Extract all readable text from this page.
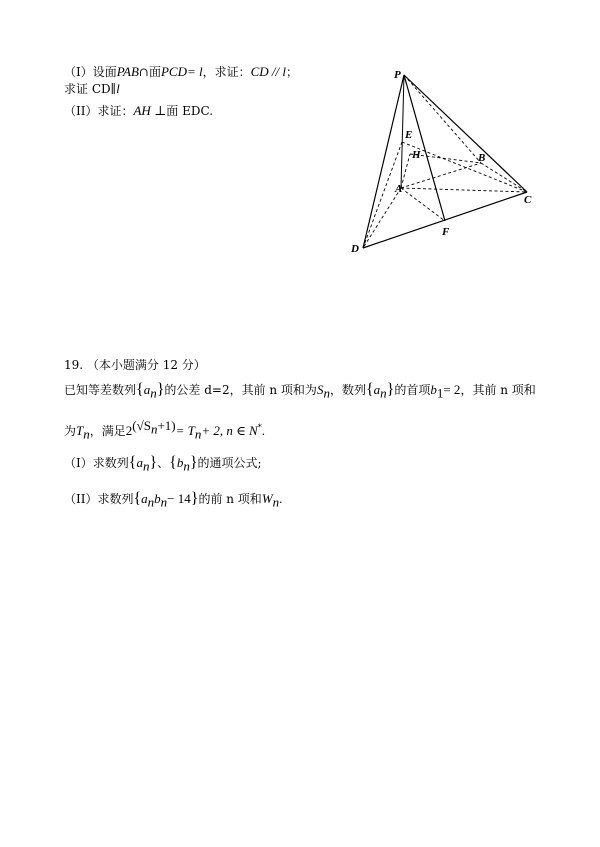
（I）设面PAB∩面PCD= l，求证：CD // l；
求证 CD∥l
（II）求证：AH ⊥面 EDC.
P
E
H	B
A
C
D
F
19. （本小题满分 12 分）
已知等差数列$\{a_n\}$的公差 d=2，其前 n 项和为$S_n$，数列$\{a_n\}$的首项$b_1= 2$，其前 n 项和
为$T_n$，满足$2^{(√S_n+1)}= T_n+ 2$, n ∈ N*.
（I）求数列$\{a_n\}$、$\{b_n\}$的通项公式;
（II）求数列$\{a_nb_n- 14\}$的前 n 项和$W_n$.
